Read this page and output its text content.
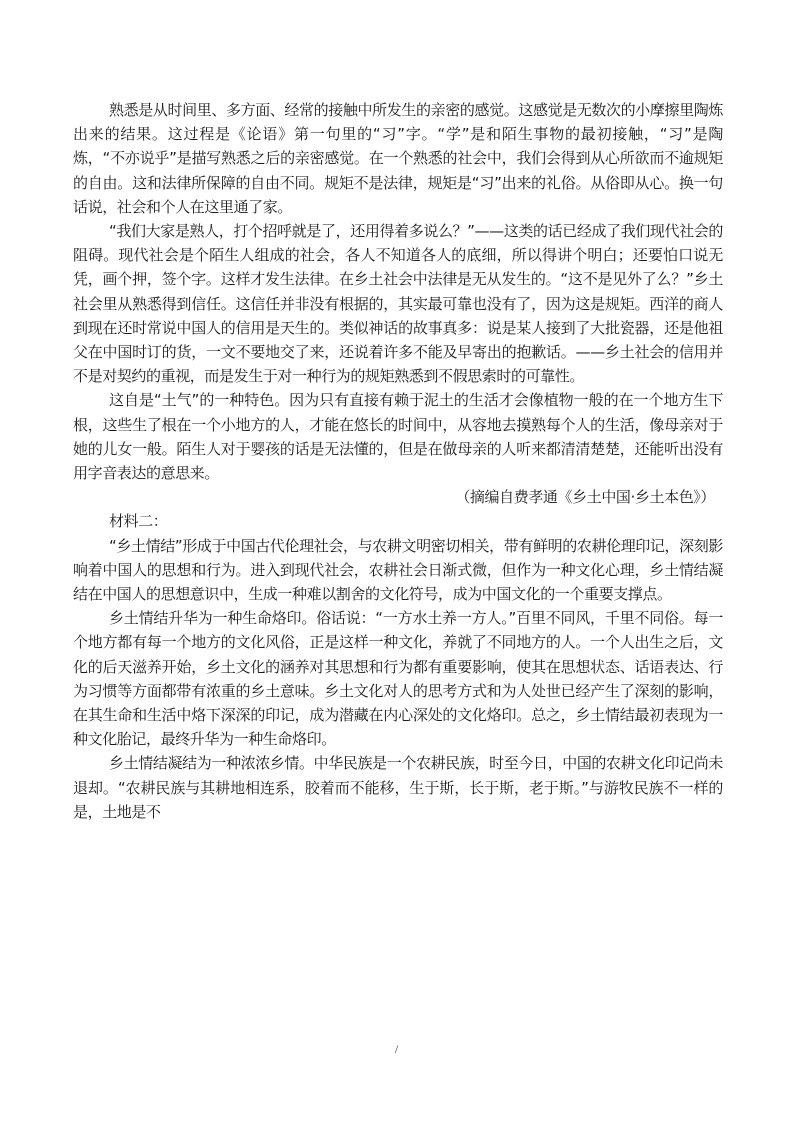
熟悉是从时间里、多方面、经常的接触中所发生的亲密的感觉。这感觉是无数次的小摩擦里陶炼出来的结果。这过程是《论语》第一句里的“习”字。“学”是和陌生事物的最初接触，“习”是陶炼，“不亦说乎”是描写熟悉之后的亲密感觉。在一个熟悉的社会中，我们会得到从心所欲而不逾规矩的自由。这和法律所保障的自由不同。规矩不是法律，规矩是“习”出来的礼俗。从俗即从心。换一句话说，社会和个人在这里通了家。

“我们大家是熟人，打个招呼就是了，还用得着多说么？”——这类的话已经成了我们现代社会的阻碍。现代社会是个陌生人组成的社会，各人不知道各人的底细，所以得讲个明白；还要怕口说无凭，画个押，签个字。这样才发生法律。在乡土社会中法律是无从发生的。“这不是见外了么？”乡土社会里从熟悉得到信任。这信任并非没有根据的，其实最可靠也没有了，因为这是规矩。西洋的商人到现在还时常说中国人的信用是天生的。类似神话的故事真多：说是某人接到了大批瓷器，还是他祖父在中国时订的货，一文不要地交了来，还说着许多不能及早寄出的抱歉话。——乡土社会的信用并不是对契约的重视，而是发生于对一种行为的规矩熟悉到不假思索时的可靠性。

这自是“土气”的一种特色。因为只有直接有赖于泥土的生活才会像植物一般的在一个地方生下根，这些生了根在一个小地方的人，才能在悠长的时间中，从容地去摸熟每个人的生活，像母亲对于她的儿女一般。陌生人对于婴孩的话是无法懂的，但是在做母亲的人听来都清清楚楚，还能听出没有用字音表达的意思来。

（摘编自费孝通《乡土中国·乡土本色》）

材料二：

“乡土情结”形成于中国古代伦理社会，与农耕文明密切相关，带有鲜明的农耕伦理印记，深刻影响着中国人的思想和行为。进入到现代社会，农耕社会日渐式微，但作为一种文化心理，乡土情结凝结在中国人的思想意识中，生成一种难以割舍的文化符号，成为中国文化的一个重要支撑点。

乡土情结升华为一种生命烙印。俗话说：“一方水土养一方人。”百里不同风，千里不同俗。每一个地方都有每一个地方的文化风俗，正是这样一种文化，养就了不同地方的人。一个人出生之后，文化的后天滋养开始，乡土文化的涵养对其思想和行为都有重要影响，使其在思想状态、话语表达、行为习惯等方面都带有浓重的乡土意味。乡土文化对人的思考方式和为人处世已经产生了深刻的影响，在其生命和生活中烙下深深的印记，成为潜藏在内心深处的文化烙印。总之，乡土情结最初表现为一种文化胎记，最终升华为一种生命烙印。

乡土情结凝结为一种浓浓乡情。中华民族是一个农耕民族，时至今日，中国的农耕文化印记尚未退却。“农耕民族与其耕地相连系，胶着而不能移，生于斯，长于斯，老于斯。”与游牧民族不一样的是，土地是不

/
